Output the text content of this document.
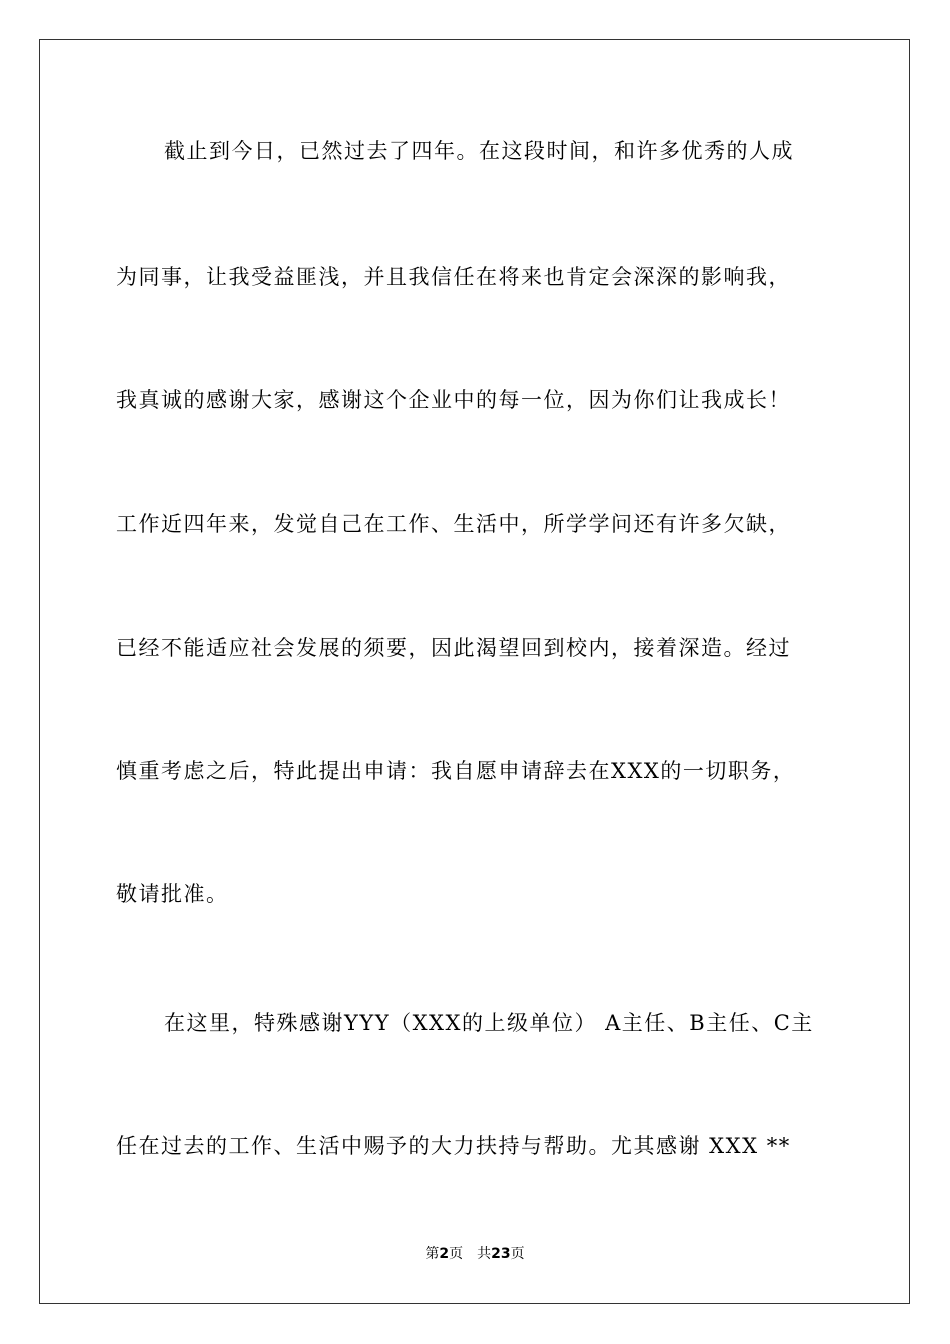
截止到今日，已然过去了四年。在这段时间，和许多优秀的人成
为同事，让我受益匪浅，并且我信任在将来也肯定会深深的影响我，
我真诚的感谢大家，感谢这个企业中的每一位，因为你们让我成长！
工作近四年来，发觉自己在工作、生活中，所学学问还有许多欠缺，
已经不能适应社会发展的须要，因此渴望回到校内，接着深造。经过
慎重考虑之后，特此提出申请：我自愿申请辞去在XXX的一切职务，
敬请批准。
在这里，特殊感谢YYY（XXX的上级单位） A主任、B主任、C主
任在过去的工作、生活中赐予的大力扶持与帮助。尤其感谢 XXX **
第2页 共23页
